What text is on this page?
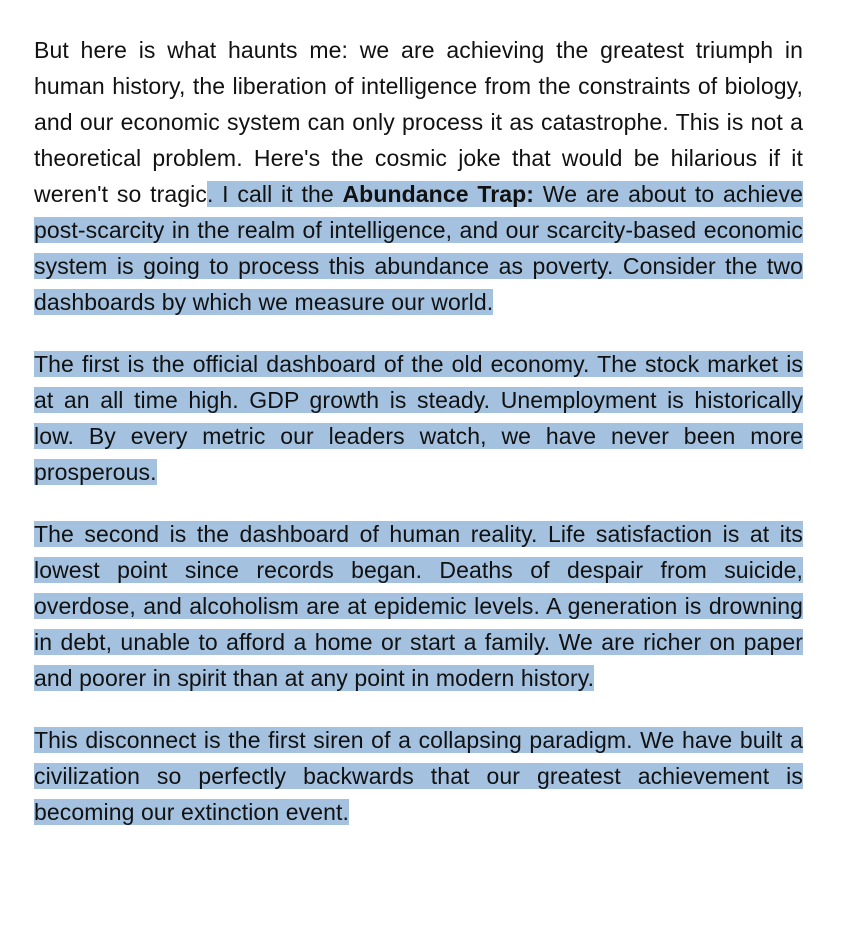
But here is what haunts me: we are achieving the greatest triumph in human history, the liberation of intelligence from the constraints of biology, and our economic system can only process it as catastrophe. This is not a theoretical problem. Here's the cosmic joke that would be hilarious if it weren't so tragic. I call it the Abundance Trap: We are about to achieve post-scarcity in the realm of intelligence, and our scarcity-based economic system is going to process this abundance as poverty. Consider the two dashboards by which we measure our world.

The first is the official dashboard of the old economy. The stock market is at an all time high. GDP growth is steady. Unemployment is historically low. By every metric our leaders watch, we have never been more prosperous.

The second is the dashboard of human reality. Life satisfaction is at its lowest point since records began. Deaths of despair from suicide, overdose, and alcoholism are at epidemic levels. A generation is drowning in debt, unable to afford a home or start a family. We are richer on paper and poorer in spirit than at any point in modern history.

This disconnect is the first siren of a collapsing paradigm. We have built a civilization so perfectly backwards that our greatest achievement is becoming our extinction event.
